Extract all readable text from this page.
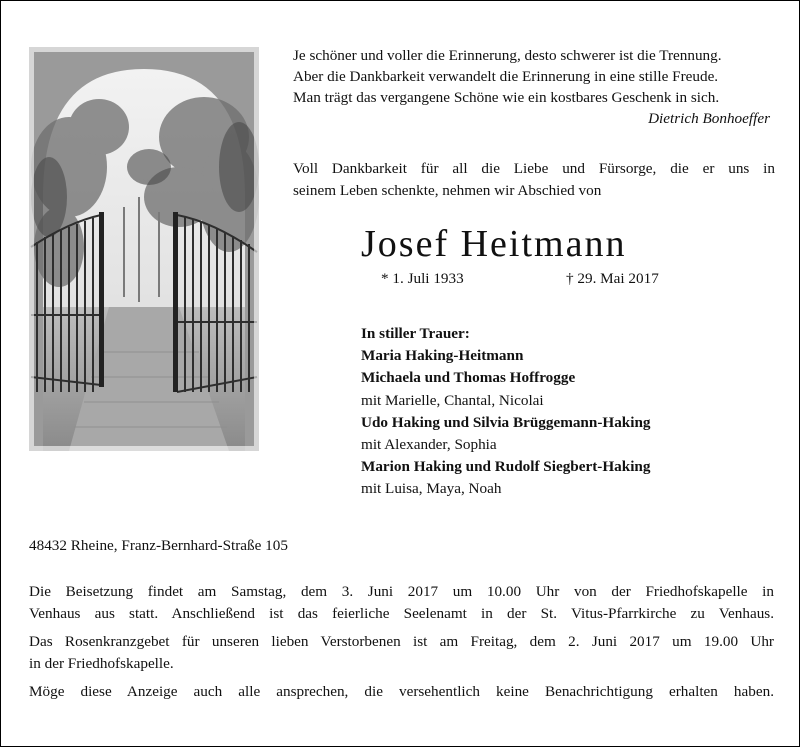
Je schöner und voller die Erinnerung, desto schwerer ist die Trennung.
Aber die Dankbarkeit verwandelt die Erinnerung in eine stille Freude.
Man trägt das vergangene Schöne wie ein kostbares Geschenk in sich.
Dietrich Bonhoeffer
Voll Dankbarkeit für all die Liebe und Fürsorge, die er uns in
seinem Leben schenkte, nehmen wir Abschied von
Josef Heitmann
* 1. Juli 1933	† 29. Mai 2017
In stiller Trauer:
Maria Haking-Heitmann
Michaela und Thomas Hoffrogge
mit Marielle, Chantal, Nicolai
Udo Haking und Silvia Brüggemann-Haking
mit Alexander, Sophia
Marion Haking und Rudolf Siegbert-Haking
mit Luisa, Maya, Noah
48432 Rheine, Franz-Bernhard-Straße 105
Die Beisetzung findet am Samstag, dem 3. Juni 2017 um 10.00 Uhr von der Friedhofskapelle in
Venhaus aus statt. Anschließend ist das feierliche Seelenamt in der St. Vitus-Pfarrkirche zu Venhaus.
Das Rosenkranzgebet für unseren lieben Verstorbenen ist am Freitag, dem 2. Juni 2017 um 19.00 Uhr
in der Friedhofskapelle.
Möge diese Anzeige auch alle ansprechen, die versehentlich keine Benachrichtigung erhalten haben.
